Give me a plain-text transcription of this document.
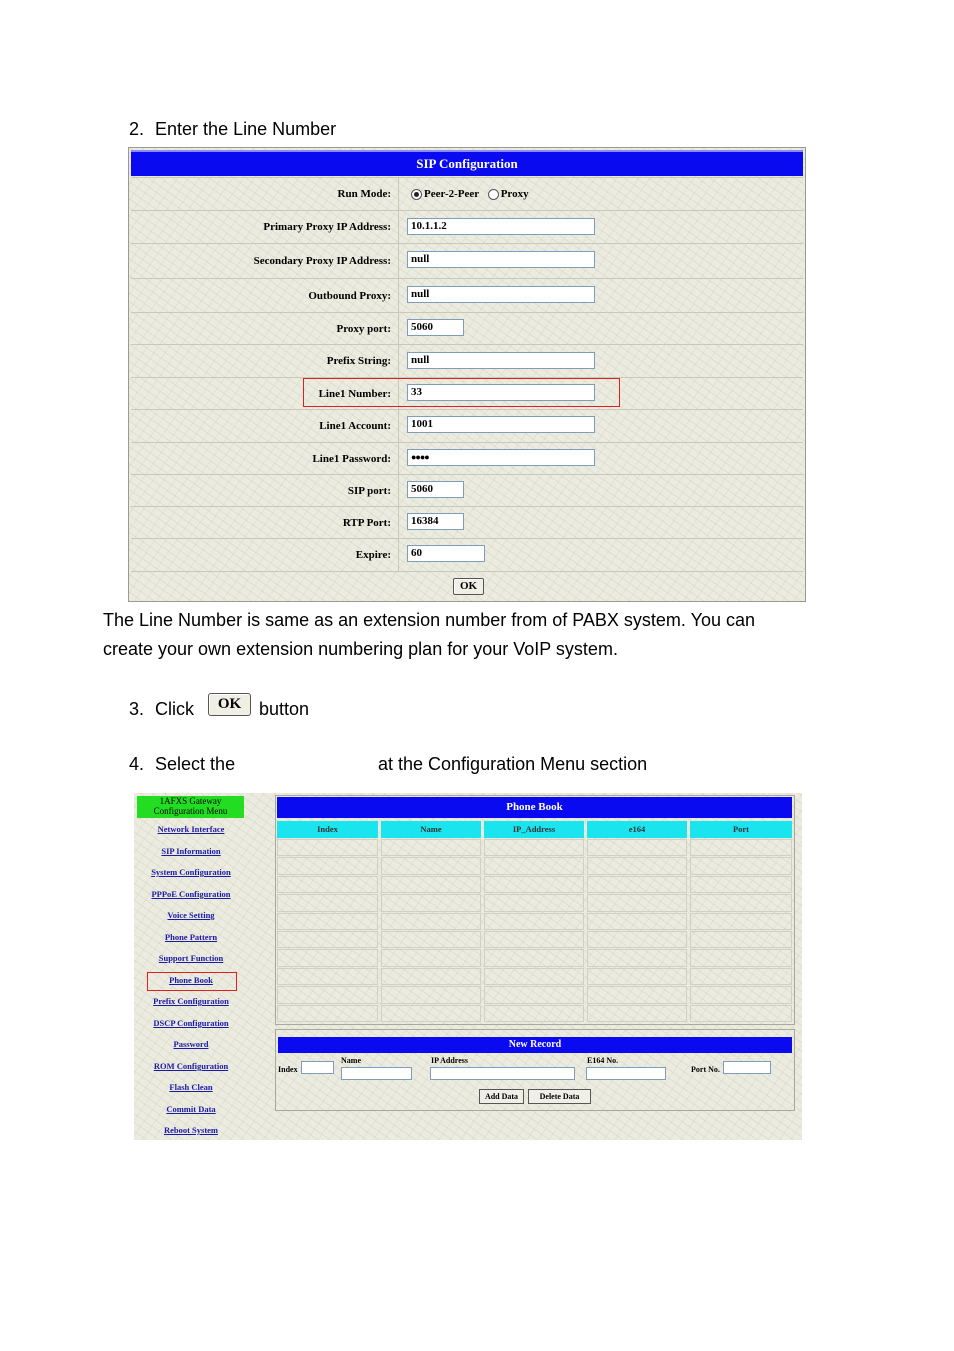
2. Enter the Line Number
SIP Configuration
Run Mode:	Peer-2-Peer Proxy
Primary Proxy IP Address:	10.1.1.2
Secondary Proxy IP Address:	null
Outbound Proxy:	null
Proxy port:	5060
Prefix String:	null
Line1 Number:	33
Line1 Account:	1001
Line1 Password:	●●●●
SIP port:	5060
RTP Port:	16384
Expire:	60
OK
The Line Number is same as an extension number from of PABX system. You can
create your own extension numbering plan for your VoIP system.
3. Click	OK button
4. Select the	at the Configuration Menu section
1AFXS Gateway
Configuration Menu
Network Interface
SIP Information
System Configuration
PPPoE Configuration
Voice Setting
Phone Pattern
Support Function
Phone Book
Prefix Configuration
DSCP Configuration
Password
ROM Configuration
Flash Clean
Commit Data
Reboot System
Phone Book
Index	Name	IP_Address	e164	Port
New Record
Index
Name	IP Address	E164 No.
Port No.
Add Data	Delete Data
